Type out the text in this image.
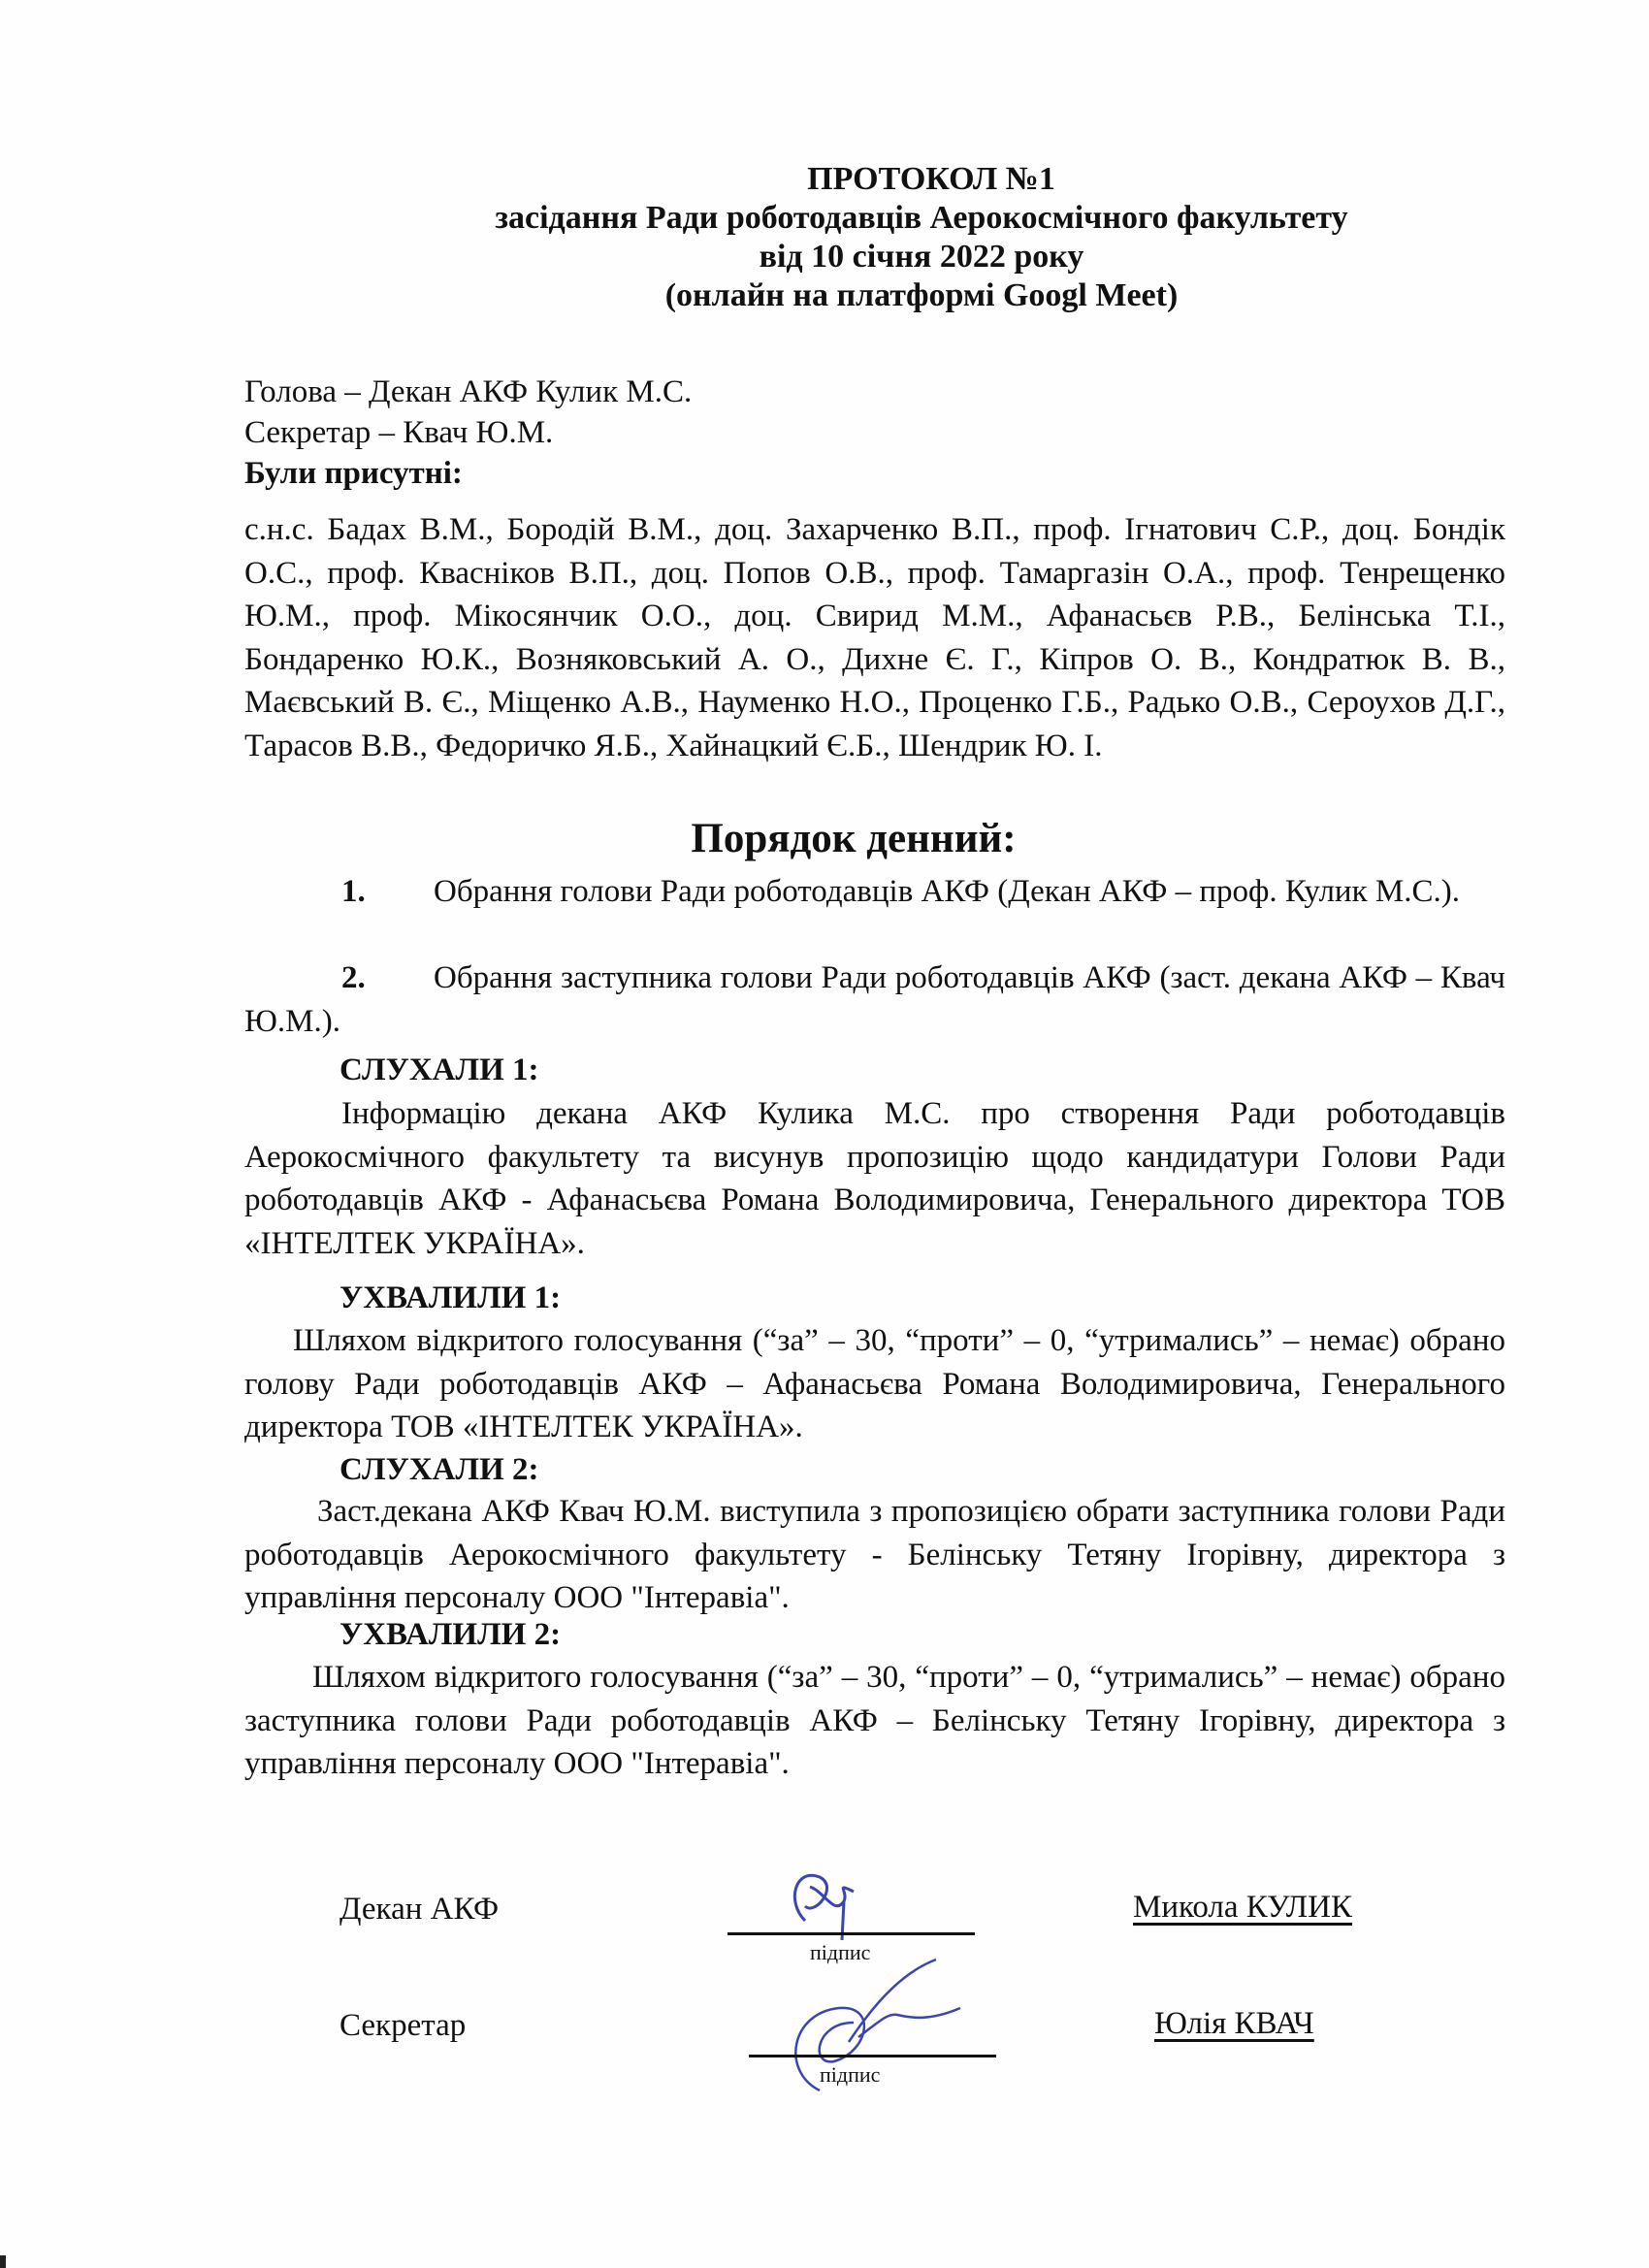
ПРОТОКОЛ №1
засідання Ради роботодавців Аерокосмічного факультету
від 10 січня 2022 року
(онлайн на платформі Googl Meet)
Голова – Декан АКФ Кулик М.С.
Секретар – Квач Ю.М.
Були присутні:
с.н.с. Бадах В.М., Бородій В.М., доц. Захарченко В.П., проф. Ігнатович С.Р., доц. Бондік О.С., проф. Квасніков В.П., доц. Попов О.В., проф. Тамаргазін О.А., проф. Тенрещенко Ю.М., проф. Мікосянчик О.О., доц. Свирид М.М., Афанасьєв Р.В., Белінська Т.І., Бондаренко Ю.К., Возняковський А. О., Дихне Є. Г., Кіпров О. В., Кондратюк В. В., Маєвський В. Є., Міщенко А.В., Науменко Н.О., Проценко Г.Б., Радько О.В., Сероухов Д.Г., Тарасов В.В., Федоричко Я.Б., Хайнацкий Є.Б., Шендрик Ю. І.
Порядок денний:
1. Обрання голови Ради роботодавців АКФ (Декан АКФ – проф. Кулик М.С.).
2. Обрання заступника голови Ради роботодавців АКФ (заст. декана АКФ – Квач Ю.М.).
СЛУХАЛИ 1:
Інформацію декана АКФ Кулика М.С. про створення Ради роботодавців Аерокосмічного факультету та висунув пропозицію щодо кандидатури Голови Ради роботодавців АКФ - Афанасьєва Романа Володимировича, Генерального директора ТОВ «ІНТЕЛТЕК УКРАЇНА».
УХВАЛИЛИ 1:
Шляхом відкритого голосування (“за” – 30, “проти” – 0, “утримались” – немає) обрано голову Ради роботодавців АКФ – Афанасьєва Романа Володимировича, Генерального директора ТОВ «ІНТЕЛТЕК УКРАЇНА».
СЛУХАЛИ 2:
Заст.декана АКФ Квач Ю.М. виступила з пропозицією обрати заступника голови Ради роботодавців Аерокосмічного факультету - Белінську Тетяну Ігорівну, директора з управління персоналу ООО "Інтеравіа".
УХВАЛИЛИ 2:
Шляхом відкритого голосування (“за” – 30, “проти” – 0, “утримались” – немає) обрано заступника голови Ради роботодавців АКФ – Белінську Тетяну Ігорівну, директора з управління персоналу ООО "Інтеравіа".
Декан АКФ
підпис
Микола КУЛИК
Секретар
підпис
Юлія КВАЧ
